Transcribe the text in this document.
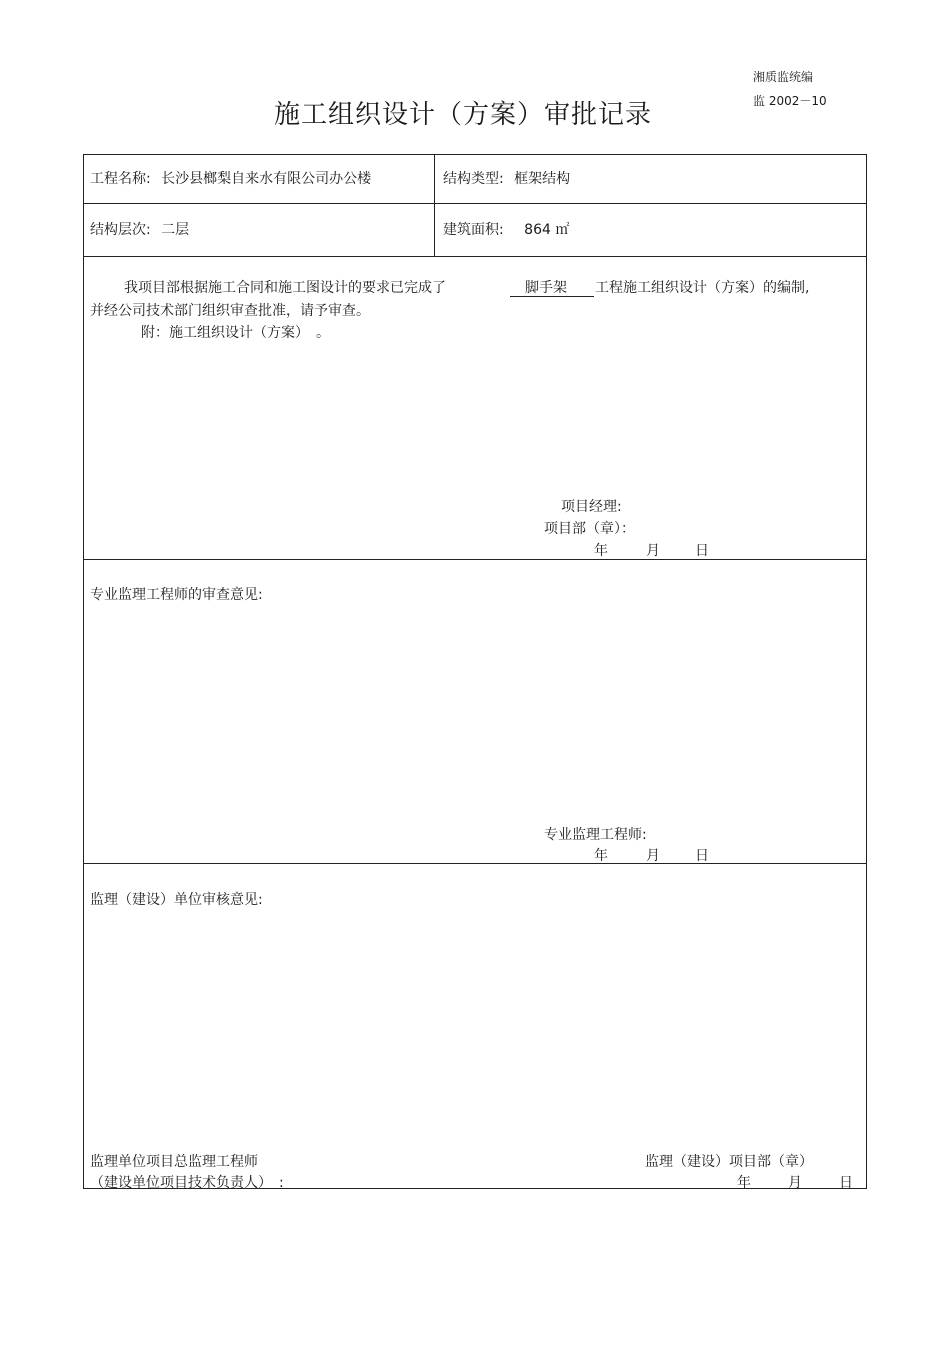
湘质监统编
监 2002－10
施工组织设计（方案）审批记录
工程名称: 长沙县榔梨自来水有限公司办公楼	结构类型: 框架结构
结构层次: 二层	建筑面积: 864 ㎡
我项目部根据施工合同和施工图设计的要求已完成了	脚手架 工程施工组织设计（方案）的编制,
并经公司技术部门组织审查批准，请予审查。
附：施工组织设计（方案）　。
项目经理:
项目部（章）：
年	月	日
专业监理工程师的审查意见:
专业监理工程师:
年	月	日
监理（建设）单位审核意见:
监理单位项目总监理工程师
（建设单位项目技术负责人）　:
监理（建设）项目部（章）
年	月	日
